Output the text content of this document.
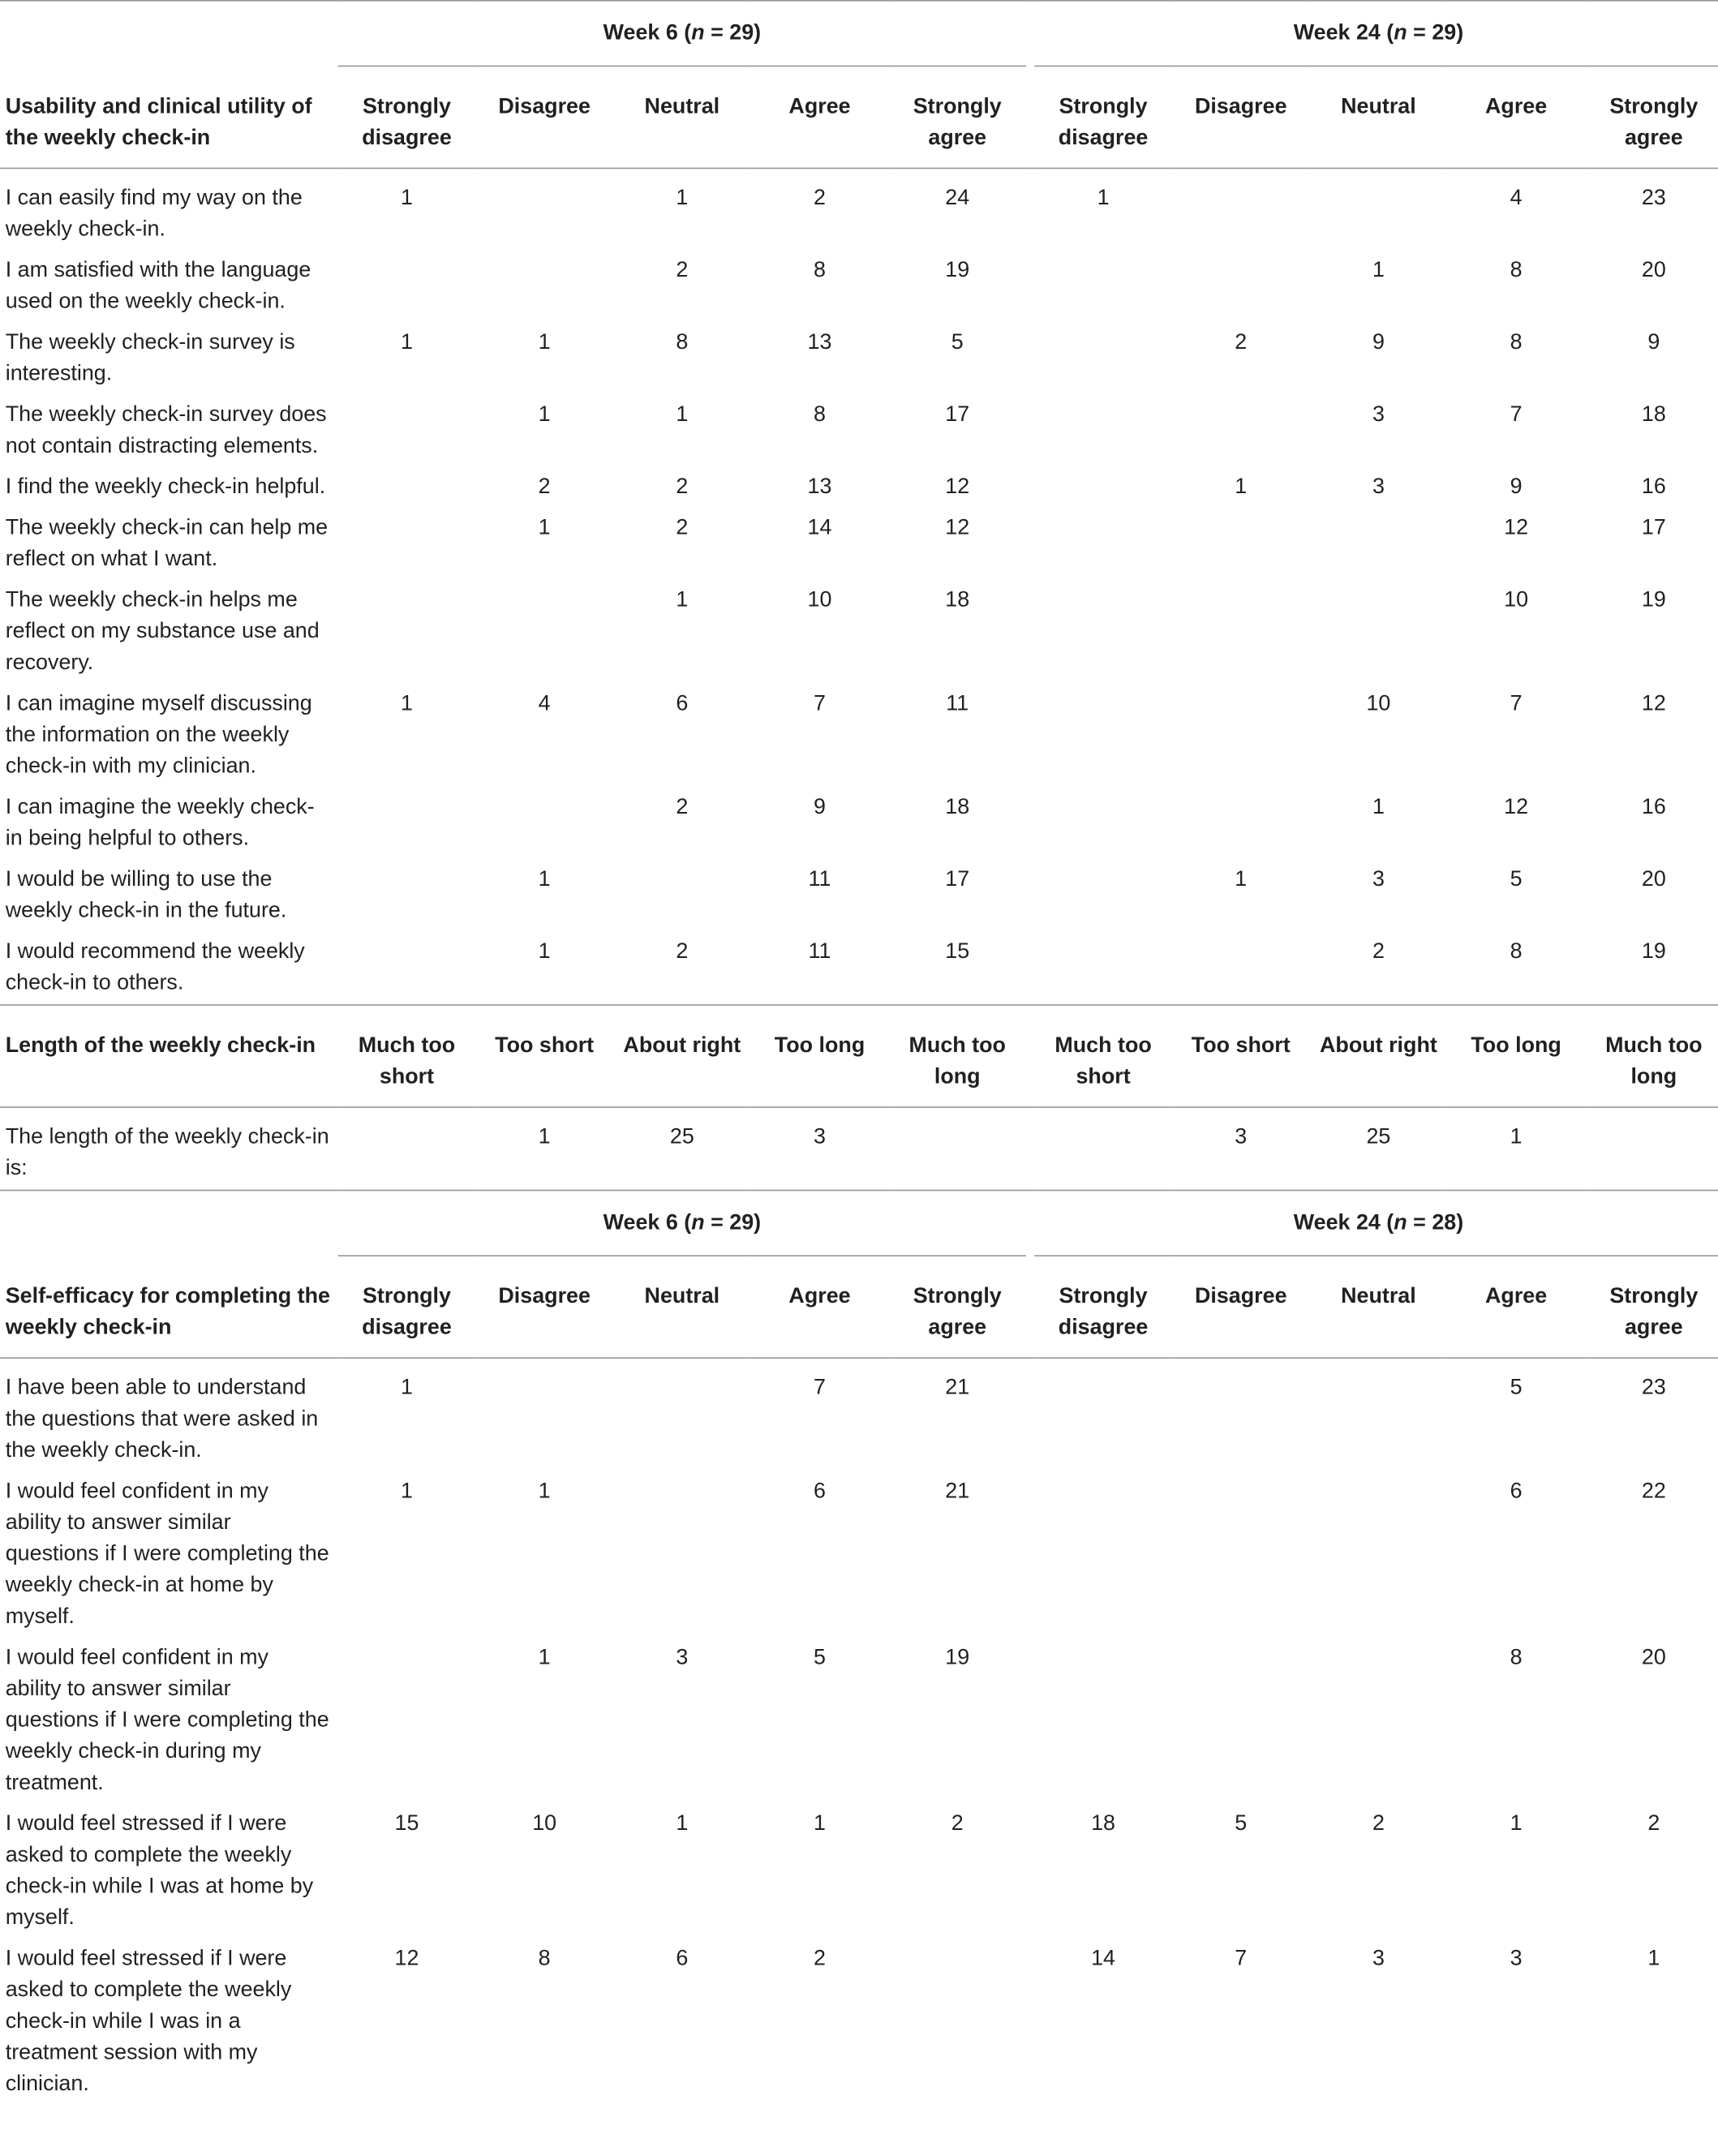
	Week 6 (n = 29)						Week 24 (n = 29)				
Usability and clinical utility of the weekly check-in	Strongly disagree	Disagree	Neutral	Agree	Strongly agree		Strongly disagree	Disagree	Neutral	Agree	Strongly agree
I can easily find my way on the weekly check-in.	1		1	2	24		1			4	23
I am satisfied with the language used on the weekly check-in.			2	8	19				1	8	20
The weekly check-in survey is interesting.	1	1	8	13	5			2	9	8	9
The weekly check-in survey does not contain distracting elements.		1	1	8	17				3	7	18
I find the weekly check-in helpful.		2	2	13	12			1	3	9	16
The weekly check-in can help me reflect on what I want.		1	2	14	12					12	17
The weekly check-in helps me reflect on my substance use and recovery.			1	10	18					10	19
I can imagine myself discussing the information on the weekly check-in with my clinician.	1	4	6	7	11				10	7	12
I can imagine the weekly check-in being helpful to others.			2	9	18				1	12	16
I would be willing to use the weekly check-in in the future.		1		11	17			1	3	5	20
I would recommend the weekly check-in to others.		1	2	11	15				2	8	19
Length of the weekly check-in	Much too short	Too short	About right	Too long	Much too long		Much too short	Too short	About right	Too long	Much too long
The length of the weekly check-in is:		1	25	3				3	25	1	
	Week 6 (n = 29)						Week 24 (n = 28)				
Self-efficacy for completing the weekly check-in	Strongly disagree	Disagree	Neutral	Agree	Strongly agree		Strongly disagree	Disagree	Neutral	Agree	Strongly agree
I have been able to understand the questions that were asked in the weekly check-in.	1			7	21					5	23
I would feel confident in my ability to answer similar questions if I were completing the weekly check-in at home by myself.	1	1		6	21					6	22
I would feel confident in my ability to answer similar questions if I were completing the weekly check-in during my treatment.		1	3	5	19					8	20
I would feel stressed if I were asked to complete the weekly check-in while I was at home by myself.	15	10	1	1	2		18	5	2	1	2
I would feel stressed if I were asked to complete the weekly check-in while I was in a treatment session with my clinician.	12	8	6	2			14	7	3	3	1
